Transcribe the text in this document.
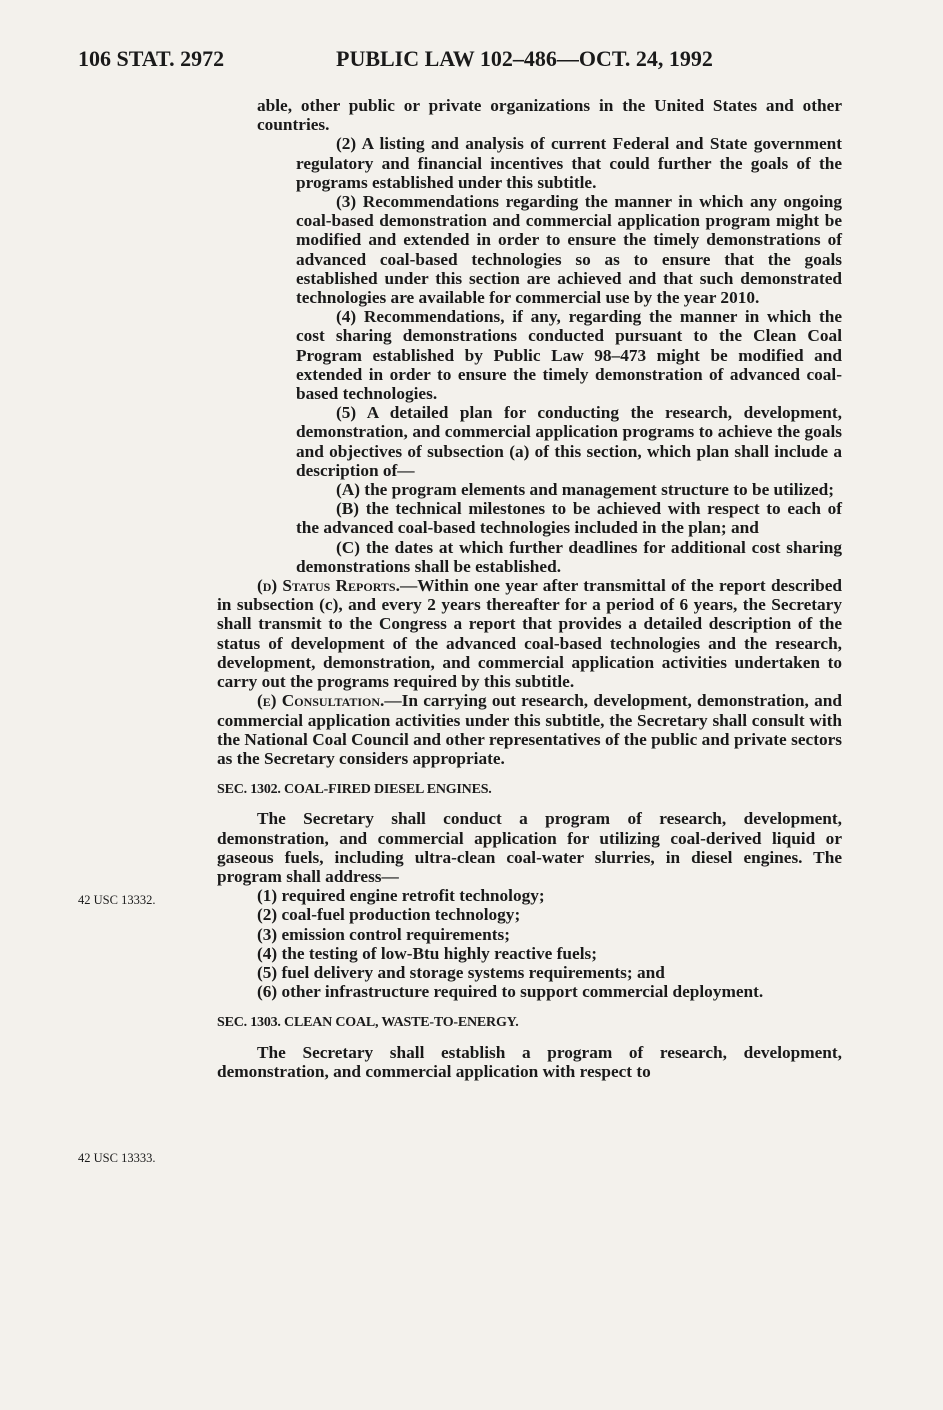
106 STAT. 2972	PUBLIC LAW 102–486—OCT. 24, 1992

able, other public or private organizations in the United States and other countries.

(2) A listing and analysis of current Federal and State government regulatory and financial incentives that could further the goals of the programs established under this subtitle.

(3) Recommendations regarding the manner in which any ongoing coal-based demonstration and commercial application program might be modified and extended in order to ensure the timely demonstrations of advanced coal-based technologies so as to ensure that the goals established under this section are achieved and that such demonstrated technologies are available for commercial use by the year 2010.

(4) Recommendations, if any, regarding the manner in which the cost sharing demonstrations conducted pursuant to the Clean Coal Program established by Public Law 98–473 might be modified and extended in order to ensure the timely demonstration of advanced coal-based technologies.

(5) A detailed plan for conducting the research, development, demonstration, and commercial application programs to achieve the goals and objectives of subsection (a) of this section, which plan shall include a description of—

(A) the program elements and management structure to be utilized;

(B) the technical milestones to be achieved with respect to each of the advanced coal-based technologies included in the plan; and

(C) the dates at which further deadlines for additional cost sharing demonstrations shall be established.

(d) Status Reports.—Within one year after transmittal of the report described in subsection (c), and every 2 years thereafter for a period of 6 years, the Secretary shall transmit to the Congress a report that provides a detailed description of the status of development of the advanced coal-based technologies and the research, development, demonstration, and commercial application activities undertaken to carry out the programs required by this subtitle.

(e) Consultation.—In carrying out research, development, demonstration, and commercial application activities under this subtitle, the Secretary shall consult with the National Coal Council and other representatives of the public and private sectors as the Secretary considers appropriate.

SEC. 1302. COAL-FIRED DIESEL ENGINES.

The Secretary shall conduct a program of research, development, demonstration, and commercial application for utilizing coal-derived liquid or gaseous fuels, including ultra-clean coal-water slurries, in diesel engines. The program shall address—

(1) required engine retrofit technology;

(2) coal-fuel production technology;

(3) emission control requirements;

(4) the testing of low-Btu highly reactive fuels;

(5) fuel delivery and storage systems requirements; and

(6) other infrastructure required to support commercial deployment.

SEC. 1303. CLEAN COAL, WASTE-TO-ENERGY.

The Secretary shall establish a program of research, development, demonstration, and commercial application with respect to

42 USC 13332.
42 USC 13333.
